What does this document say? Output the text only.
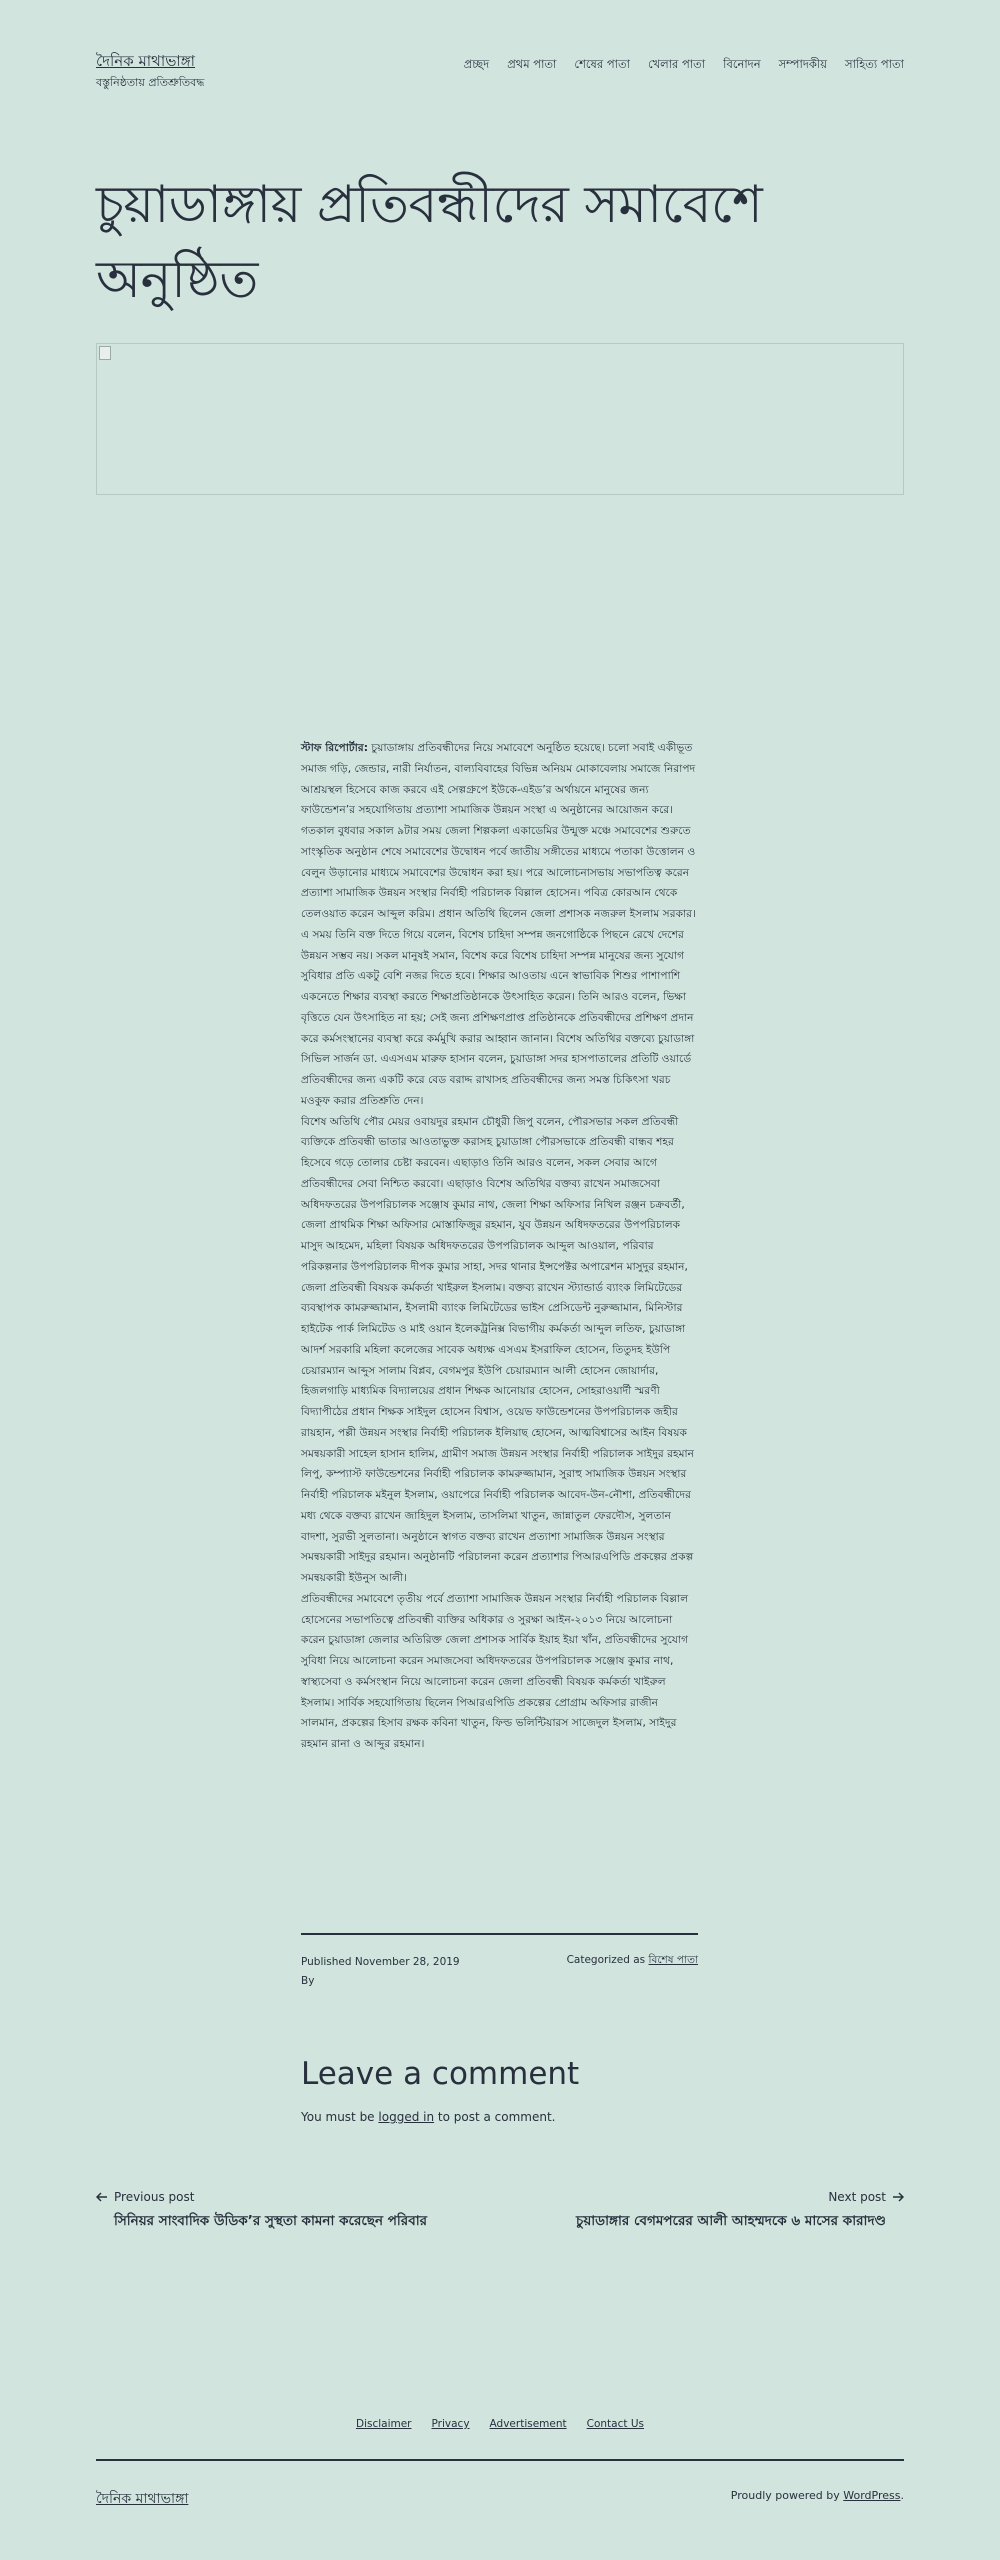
দৈনিক মাথাভাঙ্গা
বস্তুনিষ্ঠতায় প্রতিশ্রুতিবদ্ধ
প্রচ্ছদ প্রথম পাতা শেষের পাতা খেলার পাতা বিনোদন সম্পাদকীয় সাহিত্য পাতা
চুয়াডাঙ্গায় প্রতিবন্ধীদের সমাবেশে অনুষ্ঠিত

স্টাফ রিপোর্টার: চুয়াডাঙ্গায় প্রতিবন্ধীদের নিয়ে সমাবেশে অনুষ্ঠিত হয়েছে। চলো সবাই একীভূত সমাজ গড়ি, জেন্ডার, নারী নির্যাতন, বাল্যবিবাহের বিভিন্ন অনিয়ম মোকাবেলায় সমাজে নিরাপদ আশ্রয়স্থল হিসেবে কাজ করবে এই সেল্পগ্রুপে ইউকে-এইড’র অর্থায়নে মানুষের জন্য ফাউন্ডেশন’র সহযোগিতায় প্রত্যাশা সামাজিক উন্নয়ন সংস্থা এ অনুষ্ঠানের আয়োজন করে। গতকাল বুধবার সকাল ৯টার সময় জেলা শিল্পকলা একাডেমির উন্মুক্ত মঞ্চে সমাবেশের শুরুতে সাংস্কৃতিক অনুষ্ঠান শেষে সমাবেশের উদ্বোধন পর্বে জাতীয় সঙ্গীতের মাধ্যমে পতাকা উত্তোলন ও বেলুন উড়ানোর মাধ্যমে সমাবেশের উদ্বোধন করা হয়। পরে আলোচনাসভায় সভাপতিত্ব করেন প্রত্যাশা সামাজিক উন্নয়ন সংস্থার নির্বাহী পরিচালক বিল্লাল হোসেন। পবিত্র কোরআন থেকে তেলওয়াত করেন আব্দুল করিম। প্রধান অতিথি ছিলেন জেলা প্রশাসক নজরুল ইসলাম সরকার। এ সময় তিনি বক্ত দিতে গিয়ে বলেন, বিশেষ চাহিদা সম্পন্ন জনগোষ্ঠিকে পিছনে রেখে দেশের উন্নয়ন সম্ভব নয়। সকল মানুষই সমান, বিশেষ করে বিশেষ চাহিদা সম্পন্ন মানুষের জন্য সুযোগ সুবিধার প্রতি একটু বেশি নজর দিতে হবে। শিক্ষার আওতায় এনে স্বাভাবিক শিশুর পাশাপাশি একনেতে শিক্ষার ব্যবস্থা করতে শিক্ষাপ্রতিষ্ঠানকে উৎসাহিত করেন। তিনি আরও বলেন, ভিক্ষা বৃত্তিতে যেন উৎসাহিত না হয়; সেই জন্য প্রশিক্ষণপ্রাপ্ত প্রতিষ্ঠানকে প্রতিবন্ধীদের প্রশিক্ষণ প্রদান করে কর্মসংস্থানের ব্যবস্থা করে কর্মমুখি করার আহ্বান জানান। বিশেষ অতিথির বক্তব্যে চুয়াডাঙ্গা সিভিল সার্জন ডা. এএসএম মারুফ হাসান বলেন, চুয়াডাঙ্গা সদর হাসপাতালের প্রতিটি ওয়ার্ডে প্রতিবন্ধীদের জন্য একটি করে বেড বরাদ্দ রাখাসহ প্রতিবন্ধীদের জন্য সমস্ত চিকিৎসা খরচ মওকুফ করার প্রতিশ্রুতি দেন।

বিশেষ অতিথি পৌর মেয়র ওবায়দুর রহমান চৌধুরী জিপু বলেন, পৌরসভার সকল প্রতিবন্ধী ব্যক্তিকে প্রতিবন্ধী ভাতার আওতাভুক্ত করাসহ চুয়াডাঙ্গা পৌরসভাকে প্রতিবন্ধী বান্ধব শহর হিসেবে গড়ে তোলার চেষ্টা করবেন। এছাড়াও তিনি আরও বলেন, সকল সেবার আগে প্রতিবন্ধীদের সেবা নিশ্চিত করবো। এছাড়াও বিশেষ অতিথির বক্তব্য রাখেন সমাজসেবা অধিদফতরের উপপরিচালক সঞ্জোষ কুমার নাথ, জেলা শিক্ষা অফিসার নিখিল রঞ্জন চক্রবর্তী, জেলা প্রাথমিক শিক্ষা অফিসার মোস্তাফিজুর রহমান, যুব উন্নয়ন অধিদফতরের উপপরিচালক মাসুদ আহমেদ, মহিলা বিষয়ক অধিদফতরের উপপরিচালক আব্দুল আওয়াল, পরিবার পরিকল্পনার উপপরিচালক দীপক কুমার সাহা, সদর থানার ইন্সপেক্টর অপারেশন মাসুদুর রহমান, জেলা প্রতিবন্ধী বিষয়ক কর্মকর্তা খাইরুল ইসলাম। বক্তব্য রাখেন স্ট্যান্ডার্ড ব্যাংক লিমিটেডের ব্যবস্থাপক কামরুজ্জামান, ইসলামী ব্যাংক লিমিটেডের ভাইস প্রেসিডেন্ট নুরুজ্জামান, মিনিস্টার হাইটেক পার্ক লিমিটেড ও মাই ওয়ান ইলেকট্রনিক্স বিভাগীয় কর্মকর্তা আব্দুল লতিফ, চুয়াডাঙ্গা আদর্শ সরকারি মহিলা কলেজের সাবেক অধ্যক্ষ এসএম ইসরাফিল হোসেন, তিতুদহ ইউপি চেয়ারম্যান আব্দুস সালাম বিপ্লব, বেগমপুর ইউপি চেয়ারম্যান আলী হোসেন জোয়ার্দার, হিজলগাড়ি মাধ্যমিক বিদ্যালয়ের প্রধান শিক্ষক আনোয়ার হোসেন, সোহরাওয়ার্দী স্মরণী বিদ্যাপীঠের প্রধান শিক্ষক সাইদুল হোসেন বিশ্বাস, ওয়েভ ফাউন্ডেশনের উপপরিচালক জহীর রায়হান, পল্লী উন্নয়ন সংস্থার নির্বাহী পরিচালক ইলিয়াছ হোসেন, আত্মবিশ্বাসের আইন বিষয়ক সমন্বয়কারী সাহেল হাসান হালিম, গ্রামীণ সমাজ উন্নয়ন সংস্থার নির্বাহী পরিচালক সাইদুর রহমান লিপু, কম্প্যাস্ট ফাউন্ডেশনের নির্বাহী পরিচালক কামরুজ্জামান, সুরাহু সামাজিক উন্নয়ন সংস্থার নির্বাহী পরিচালক মইনুল ইসলাম, ওয়াপেরে নির্বাহী পরিচালক আবেদ-উন-নৌশা, প্রতিবন্ধীদের মধ্য থেকে বক্তব্য রাখেন জাহিদুল ইসলাম, তাসলিমা খাতুন, জান্নাতুল ফেরদৌস, সুলতান বাদশা, সুরভী সুলতানা। অনুষ্ঠানে স্বাগত বক্তব্য রাখেন প্রত্যাশা সামাজিক উন্নয়ন সংস্থার সমন্বয়কারী সাইদুর রহমান। অনুষ্ঠানটি পরিচালনা করেন প্রত্যাশার পিআরএপিডি প্রকল্পের প্রকল্প সমন্বয়কারী ইউনুস আলী।

প্রতিবন্ধীদের সমাবেশে তৃতীয় পর্বে প্রত্যাশা সামাজিক উন্নয়ন সংস্থার নির্বাহী পরিচালক বিল্লাল হোসেনের সভাপতিত্বে প্রতিবন্ধী ব্যক্তির অধিকার ও সুরক্ষা আইন-২০১৩ নিয়ে আলোচনা করেন চুয়াডাঙ্গা জেলার অতিরিক্ত জেলা প্রশাসক সার্বিক ইয়াহ ইয়া খাঁন, প্রতিবন্ধীদের সুযোগ সুবিধা নিয়ে আলোচনা করেন সমাজসেবা অধিদফতরের উপপরিচালক সঞ্জোষ কুমার নাথ, স্বাস্থ্যসেবা ও কর্মসংস্থান নিয়ে আলোচনা করেন জেলা প্রতিবন্ধী বিষয়ক কর্মকর্তা খাইরুল ইসলাম। সার্বিক সহযোগিতায় ছিলেন পিআরএপিডি প্রকল্পের প্রোগ্রাম অফিসার রাজীন সালমান, প্রকল্পের হিসাব রক্ষক কবিনা খাতুন, ফিল্ড ভলিন্টিয়ারস সাজেদুল ইসলাম, সাইদুর রহমান রানা ও আব্দুর রহমান।

Published November 28, 2019
By
Categorized as বিশেষ পাতা
Leave a comment
You must be logged in to post a comment.
Previous post
সিনিয়র সাংবাদিক উডিক’র সুস্থতা কামনা করেছেন পরিবার
Next post
চুয়াডাঙ্গার বেগমপরের আলী আহম্মদকে ৬ মাসের কারাদণ্ড
Disclaimer Privacy Advertisement Contact Us
দৈনিক মাথাভাঙ্গা	Proudly powered by WordPress.
